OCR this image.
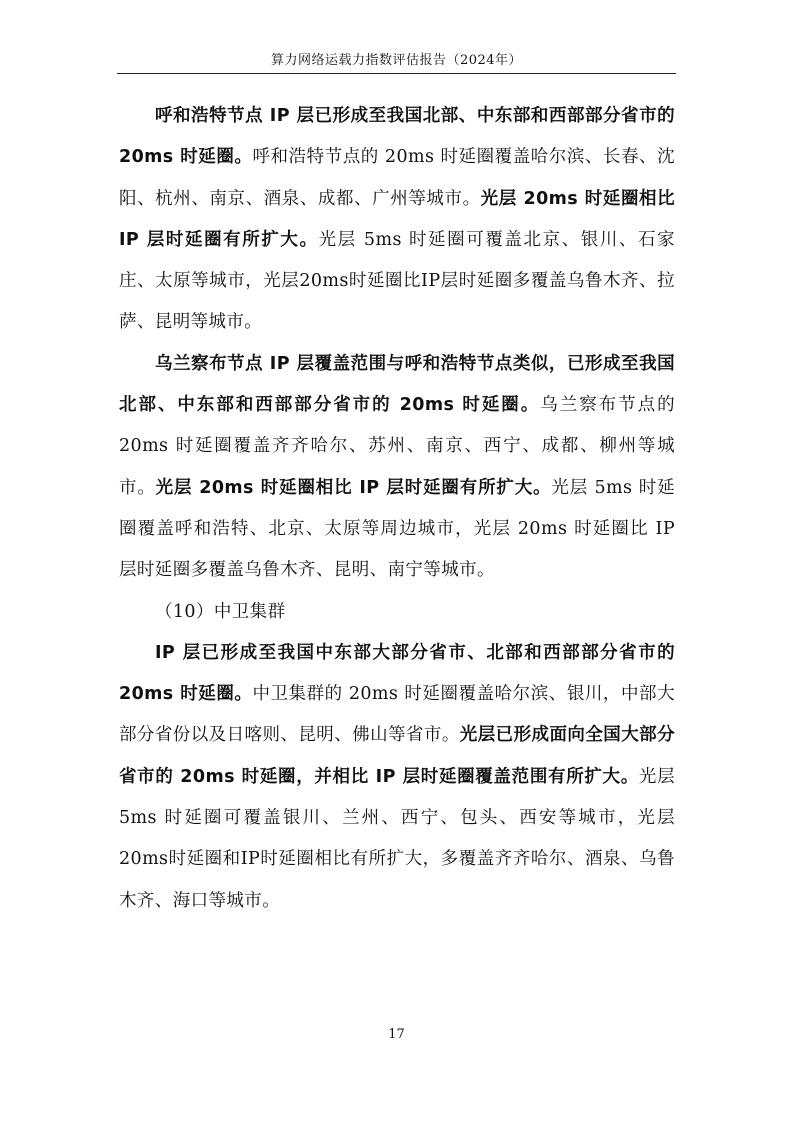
算力网络运载力指数评估报告（2024年）

呼和浩特节点 IP 层已形成至我国北部、中东部和西部部分省市的 20ms 时延圈。呼和浩特节点的 20ms 时延圈覆盖哈尔滨、长春、沈阳、杭州、南京、酒泉、成都、广州等城市。光层 20ms 时延圈相比 IP 层时延圈有所扩大。光层 5ms 时延圈可覆盖北京、银川、石家庄、太原等城市，光层20ms时延圈比IP层时延圈多覆盖乌鲁木齐、拉萨、昆明等城市。

乌兰察布节点 IP 层覆盖范围与呼和浩特节点类似，已形成至我国北部、中东部和西部部分省市的 20ms 时延圈。乌兰察布节点的 20ms 时延圈覆盖齐齐哈尔、苏州、南京、西宁、成都、柳州等城市。光层 20ms 时延圈相比 IP 层时延圈有所扩大。光层 5ms 时延圈覆盖呼和浩特、北京、太原等周边城市，光层 20ms 时延圈比 IP 层时延圈多覆盖乌鲁木齐、昆明、南宁等城市。

（10）中卫集群

IP 层已形成至我国中东部大部分省市、北部和西部部分省市的 20ms 时延圈。中卫集群的 20ms 时延圈覆盖哈尔滨、银川，中部大部分省份以及日喀则、昆明、佛山等省市。光层已形成面向全国大部分省市的 20ms 时延圈，并相比 IP 层时延圈覆盖范围有所扩大。光层 5ms 时延圈可覆盖银川、兰州、西宁、包头、西安等城市，光层20ms时延圈和IP时延圈相比有所扩大，多覆盖齐齐哈尔、酒泉、乌鲁木齐、海口等城市。

17
